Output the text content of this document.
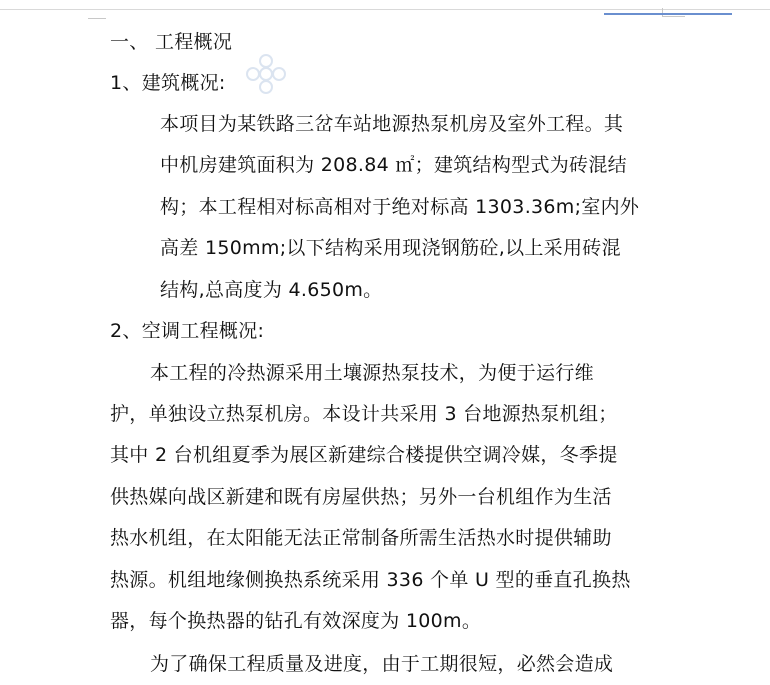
一、 工程概况
1、建筑概况:
本项目为某铁路三岔车站地源热泵机房及室外工程。其
中机房建筑面积为 208.84 ㎡；建筑结构型式为砖混结
构；本工程相对标高相对于绝对标高 1303.36m;室内外
高差 150mm;以下结构采用现浇钢筋砼,以上采用砖混
结构,总高度为 4.650m。
2、空调工程概况:
本工程的冷热源采用土壤源热泵技术，为便于运行维
护，单独设立热泵机房。本设计共采用 3 台地源热泵机组；
其中 2 台机组夏季为展区新建综合楼提供空调冷媒，冬季提
供热媒向战区新建和既有房屋供热；另外一台机组作为生活
热水机组，在太阳能无法正常制备所需生活热水时提供辅助
热源。机组地缘侧换热系统采用 336 个单 U 型的垂直孔换热
器，每个换热器的钻孔有效深度为 100m。
为了确保工程质量及进度，由于工期很短，必然会造成
